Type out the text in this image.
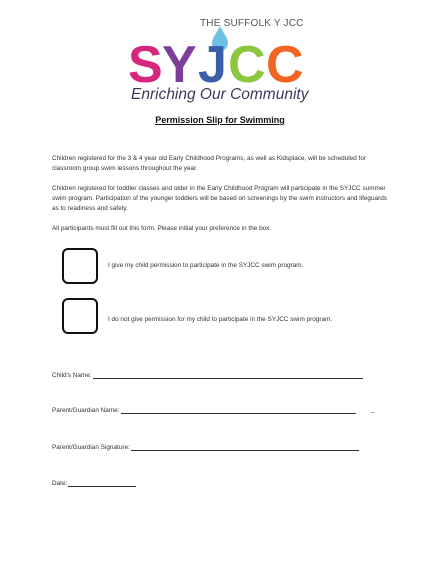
S Y J C C
THE SUFFOLK Y JCC
Enriching Our Community
Permission Slip for Swimming

Children registered for the 3 & 4 year old Early Childhood Programs, as well as Kidsplace, will be scheduled for classroom group swim lessons throughout the year.

Children registered for toddler classes and older in the Early Childhood Program will participate in the SYJCC summer swim program. Participation of the younger toddlers will be based on screenings by the swim instructors and lifeguards as to readiness and safety.

All participants must fill out this form. Please initial your preference in the box.

I give my child permission to participate in the SYJCC swim program.
I do not give permission for my child to participate in the SYJCC swim program.
Child's Name:
Parent/Guardian Name:	_
Parent/Guardian Signature:
Date:
